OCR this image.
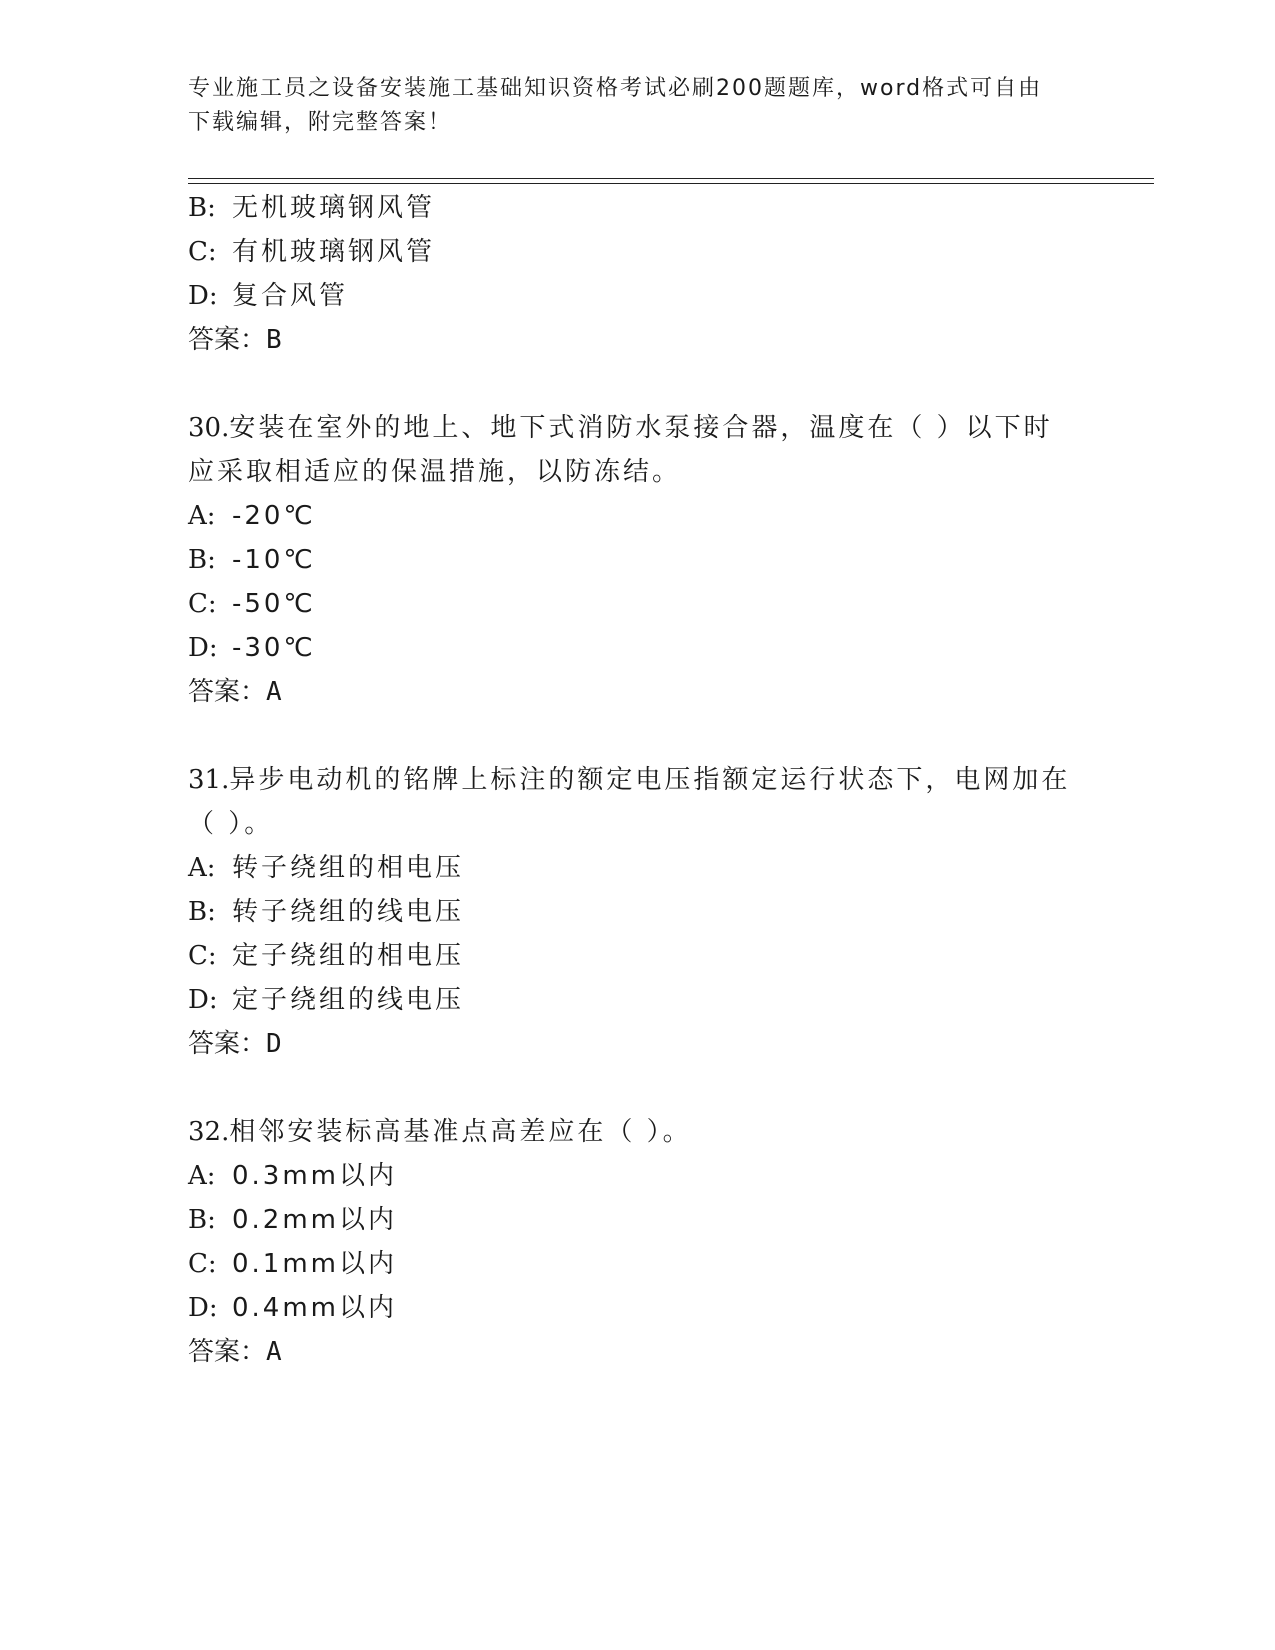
专业施工员之设备安装施工基础知识资格考试必刷200题题库，word格式可自由
下载编辑，附完整答案！
B: 无机玻璃钢风管
C: 有机玻璃钢风管
D: 复合风管
答案：B
30.安装在室外的地上、地下式消防水泵接合器，温度在（ ）以下时
应采取相适应的保温措施，以防冻结。
A: -20℃
B: -10℃
C: -50℃
D: -30℃
答案：A
31.异步电动机的铭牌上标注的额定电压指额定运行状态下，电网加在
（ ）。
A: 转子绕组的相电压
B: 转子绕组的线电压
C: 定子绕组的相电压
D: 定子绕组的线电压
答案：D
32.相邻安装标高基准点高差应在（ ）。
A: 0.3mm以内
B: 0.2mm以内
C: 0.1mm以内
D: 0.4mm以内
答案：A
